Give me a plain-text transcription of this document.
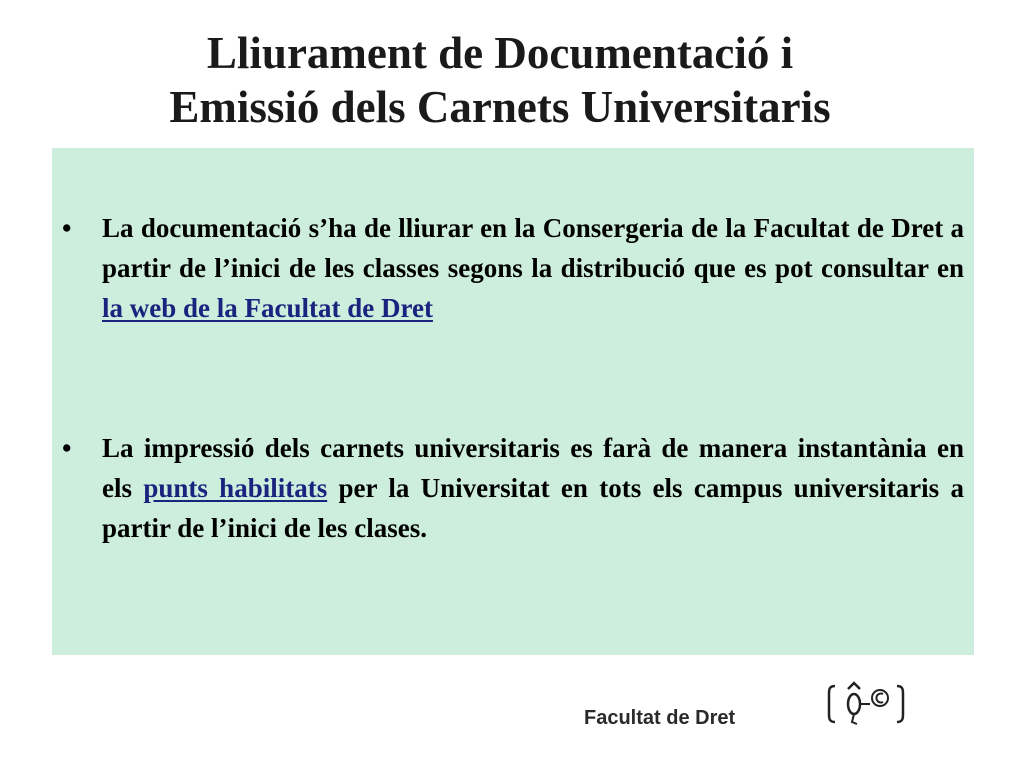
Lliurament de Documentació i
Emissió dels Carnets Universitaris
• La documentació s’ha de lliurar en la Consergeria de la Facultat de Dret a partir de l’inici de les classes segons la distribució que es pot consultar en la web de la Facultat de Dret

• La impressió dels carnets universitaris es farà de manera instantània en els punts habilitats per la Universitat en tots els campus universitaris a partir de l’inici de les clases.

Facultat de Dret
